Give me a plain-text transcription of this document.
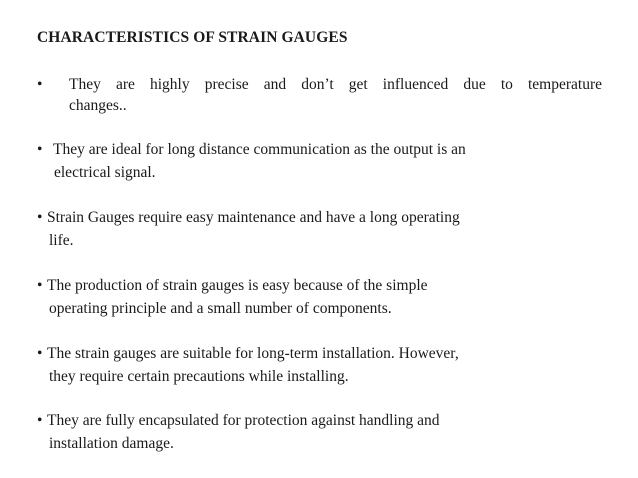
CHARACTERISTICS OF STRAIN GAUGES
• They are highly precise and don’t get influenced due to temperature
changes..
• They are ideal for long distance communication as the output is an
electrical signal.
• Strain Gauges require easy maintenance and have a long operating
life.
• The production of strain gauges is easy because of the simple
operating principle and a small number of components.
• The strain gauges are suitable for long-term installation. However,
they require certain precautions while installing.
• They are fully encapsulated for protection against handling and
installation damage.
